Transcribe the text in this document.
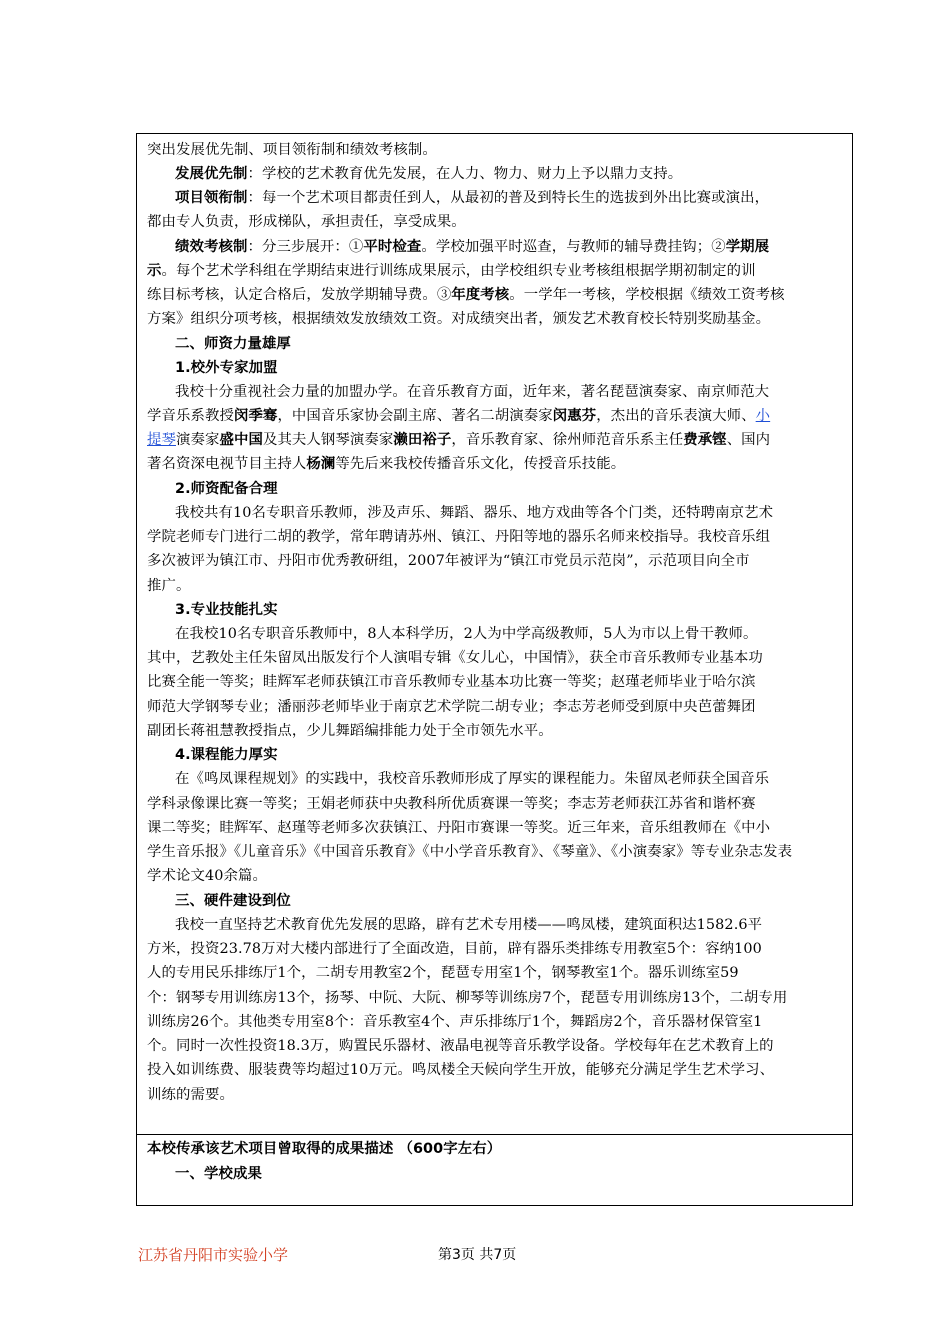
突出发展优先制、项目领衔制和绩效考核制。
发展优先制：学校的艺术教育优先发展，在人力、物力、财力上予以鼎力支持。
项目领衔制：每一个艺术项目都责任到人，从最初的普及到特长生的选拔到外出比赛或演出，
都由专人负责，形成梯队，承担责任，享受成果。
绩效考核制：分三步展开：①平时检查。学校加强平时巡查，与教师的辅导费挂钩；②学期展
示。每个艺术学科组在学期结束进行训练成果展示，由学校组织专业考核组根据学期初制定的训
练目标考核，认定合格后，发放学期辅导费。③年度考核。一学年一考核，学校根据《绩效工资考核
方案》组织分项考核，根据绩效发放绩效工资。对成绩突出者，颁发艺术教育校长特别奖励基金。
二、师资力量雄厚
1.校外专家加盟
我校十分重视社会力量的加盟办学。在音乐教育方面，近年来，著名琵琶演奏家、南京师范大
学音乐系教授闵季骞，中国音乐家协会副主席、著名二胡演奏家闵惠芬，杰出的音乐表演大师、小
提琴演奏家盛中国及其夫人钢琴演奏家濑田裕子，音乐教育家、徐州师范音乐系主任费承铿、国内
著名资深电视节目主持人杨澜等先后来我校传播音乐文化，传授音乐技能。
2.师资配备合理
我校共有10名专职音乐教师，涉及声乐、舞蹈、器乐、地方戏曲等各个门类，还特聘南京艺术
学院老师专门进行二胡的教学，常年聘请苏州、镇江、丹阳等地的器乐名师来校指导。我校音乐组
多次被评为镇江市、丹阳市优秀教研组，2007年被评为“镇江市党员示范岗”，示范项目向全市
推广。
3.专业技能扎实
在我校10名专职音乐教师中，8人本科学历，2人为中学高级教师，5人为市以上骨干教师。
其中，艺教处主任朱留凤出版发行个人演唱专辑《女儿心，中国情》，获全市音乐教师专业基本功
比赛全能一等奖；眭辉军老师获镇江市音乐教师专业基本功比赛一等奖；赵瑾老师毕业于哈尔滨
师范大学钢琴专业；潘丽莎老师毕业于南京艺术学院二胡专业；李志芳老师受到原中央芭蕾舞团
副团长蒋祖慧教授指点，少儿舞蹈编排能力处于全市领先水平。
4.课程能力厚实
在《鸣凤课程规划》的实践中，我校音乐教师形成了厚实的课程能力。朱留凤老师获全国音乐
学科录像课比赛一等奖；王娟老师获中央教科所优质赛课一等奖；李志芳老师获江苏省和谐杯赛
课二等奖；眭辉军、赵瑾等老师多次获镇江、丹阳市赛课一等奖。近三年来，音乐组教师在《中小
学生音乐报》《儿童音乐》《中国音乐教育》《中小学音乐教育》、《琴童》、《小演奏家》等专业杂志发表
学术论文40余篇。
三、硬件建设到位
我校一直坚持艺术教育优先发展的思路，辟有艺术专用楼——鸣凤楼，建筑面积达1582.6平
方米，投资23.78万对大楼内部进行了全面改造，目前，辟有器乐类排练专用教室5个：容纳100
人的专用民乐排练厅1个，二胡专用教室2个，琵琶专用室1个，钢琴教室1个。器乐训练室59
个：钢琴专用训练房13个，扬琴、中阮、大阮、柳琴等训练房7个，琵琶专用训练房13个，二胡专用
训练房26个。其他类专用室8个：音乐教室4个、声乐排练厅1个，舞蹈房2个，音乐器材保管室1
个。同时一次性投资18.3万，购置民乐器材、液晶电视等音乐教学设备。学校每年在艺术教育上的
投入如训练费、服装费等均超过10万元。鸣凤楼全天候向学生开放，能够充分满足学生艺术学习、
训练的需要。
本校传承该艺术项目曾取得的成果描述 （600字左右）
一、学校成果
江苏省丹阳市实验小学	第3页 共7页
